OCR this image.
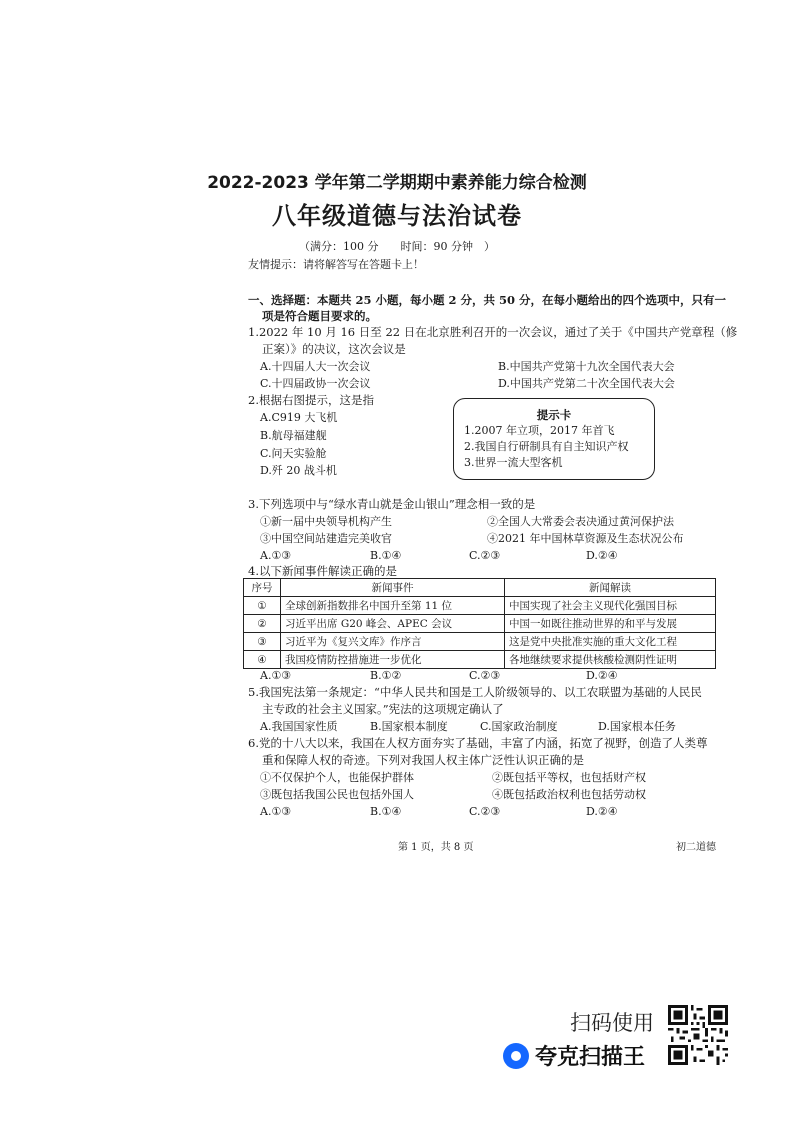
2022-2023 学年第二学期期中素养能力综合检测
八年级道德与法治试卷
（满分：100 分　　时间：90 分钟　）
友情提示：请将解答写在答题卡上！
一、选择题：本题共 25 小题，每小题 2 分，共 50 分，在每小题给出的四个选项中，只有一
项是符合题目要求的。
1.2022 年 10 月 16 日至 22 日在北京胜利召开的一次会议，通过了关于《中国共产党章程（修
正案）》的决议，这次会议是
A.十四届人大一次会议	B.中国共产党第十九次全国代表大会
C.十四届政协一次会议	D.中国共产党第二十次全国代表大会
2.根据右图提示，这是指
A.C919 大飞机
B.航母福建舰
C.问天实验舱
D.歼 20 战斗机
提示卡
1.2007 年立项，2017 年首飞
2.我国自行研制具有自主知识产权
3.世界一流大型客机
3.下列选项中与“绿水青山就是金山银山”理念相一致的是
①新一届中央领导机构产生	②全国人大常委会表决通过黄河保护法
③中国空间站建造完美收官	④2021 年中国林草资源及生态状况公布
A.①③	B.①④	C.②③	D.②④
4.以下新闻事件解读正确的是
序号	新闻事件	新闻解读
①	全球创新指数排名中国升至第 11 位	中国实现了社会主义现代化强国目标
②	习近平出席 G20 峰会、APEC 会议	中国一如既往推动世界的和平与发展
③	习近平为《复兴文库》作序言	这是党中央批准实施的重大文化工程
④	我国疫情防控措施进一步优化	各地继续要求提供核酸检测阴性证明
A.①③	B.①②	C.②③	D.②④
5.我国宪法第一条规定：“中华人民共和国是工人阶级领导的、以工农联盟为基础的人民民
主专政的社会主义国家。”宪法的这项规定确认了
A.我国国家性质	B.国家根本制度	C.国家政治制度	D.国家根本任务
6.党的十八大以来，我国在人权方面夯实了基础，丰富了内涵，拓宽了视野，创造了人类尊
重和保障人权的奇迹。下列对我国人权主体广泛性认识正确的是
①不仅保护个人，也能保护群体	②既包括平等权，也包括财产权
③既包括我国公民也包括外国人	④既包括政治权利也包括劳动权
A.①③	B.①④	C.②③	D.②④
第 1 页，共 8 页	初二道德
扫码使用
夸克扫描王
